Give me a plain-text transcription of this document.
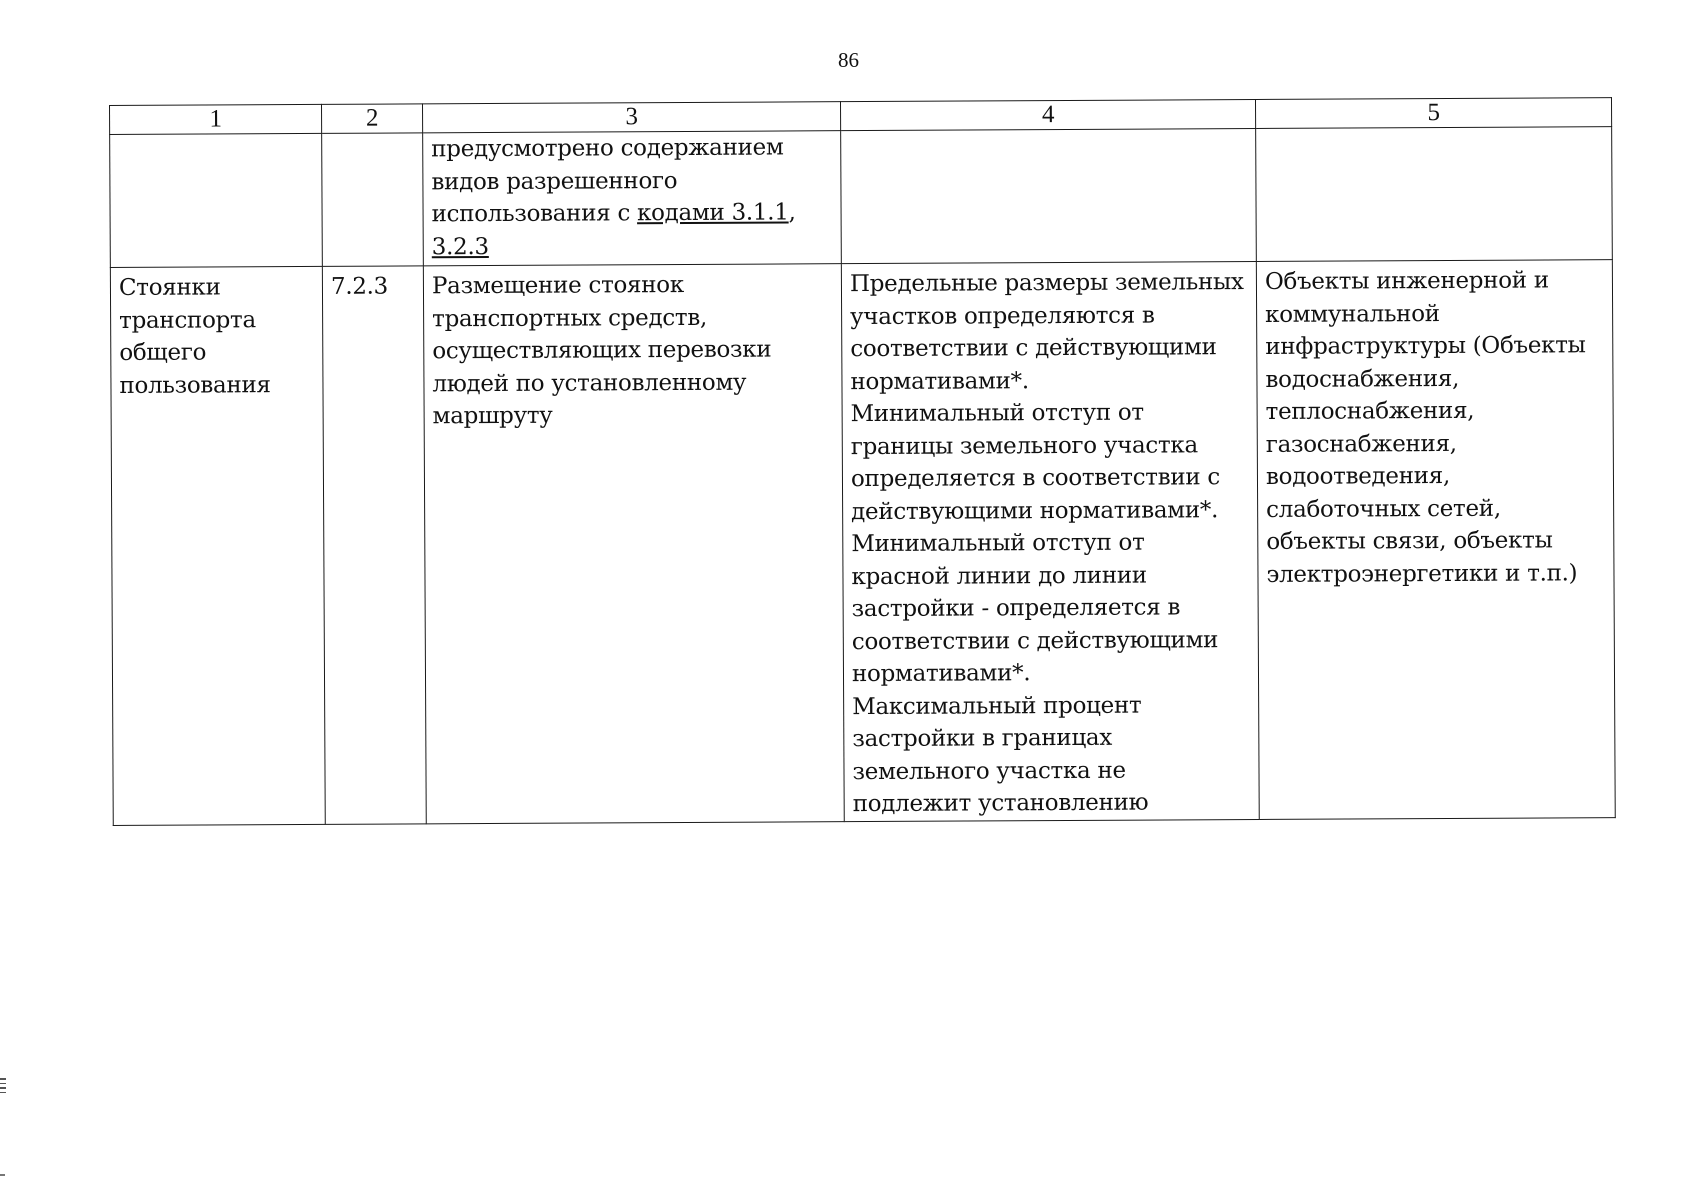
86
1	2	3	4	5
		предусмотрено содержанием видов разрешенного использования с кодами 3.1.1, 3.2.3		
Стоянки транспорта общего пользования	7.2.3	Размещение стоянок транспортных средств, осуществляющих перевозки людей по установленному маршруту	Предельные размеры земельных участков определяются в соответствии с действующими нормативами*.
Минимальный отступ от границы земельного участка определяется в соответствии с действующими нормативами*.
Минимальный отступ от красной линии до линии застройки - определяется в соответствии с действующими нормативами*.
Максимальный процент застройки в границах земельного участка не подлежит установлению	Объекты инженерной и коммунальной инфраструктуры (Объекты водоснабжения, теплоснабжения, газоснабжения, водоотведения, слаботочных сетей, объекты связи, объекты электроэнергетики и т.п.)
